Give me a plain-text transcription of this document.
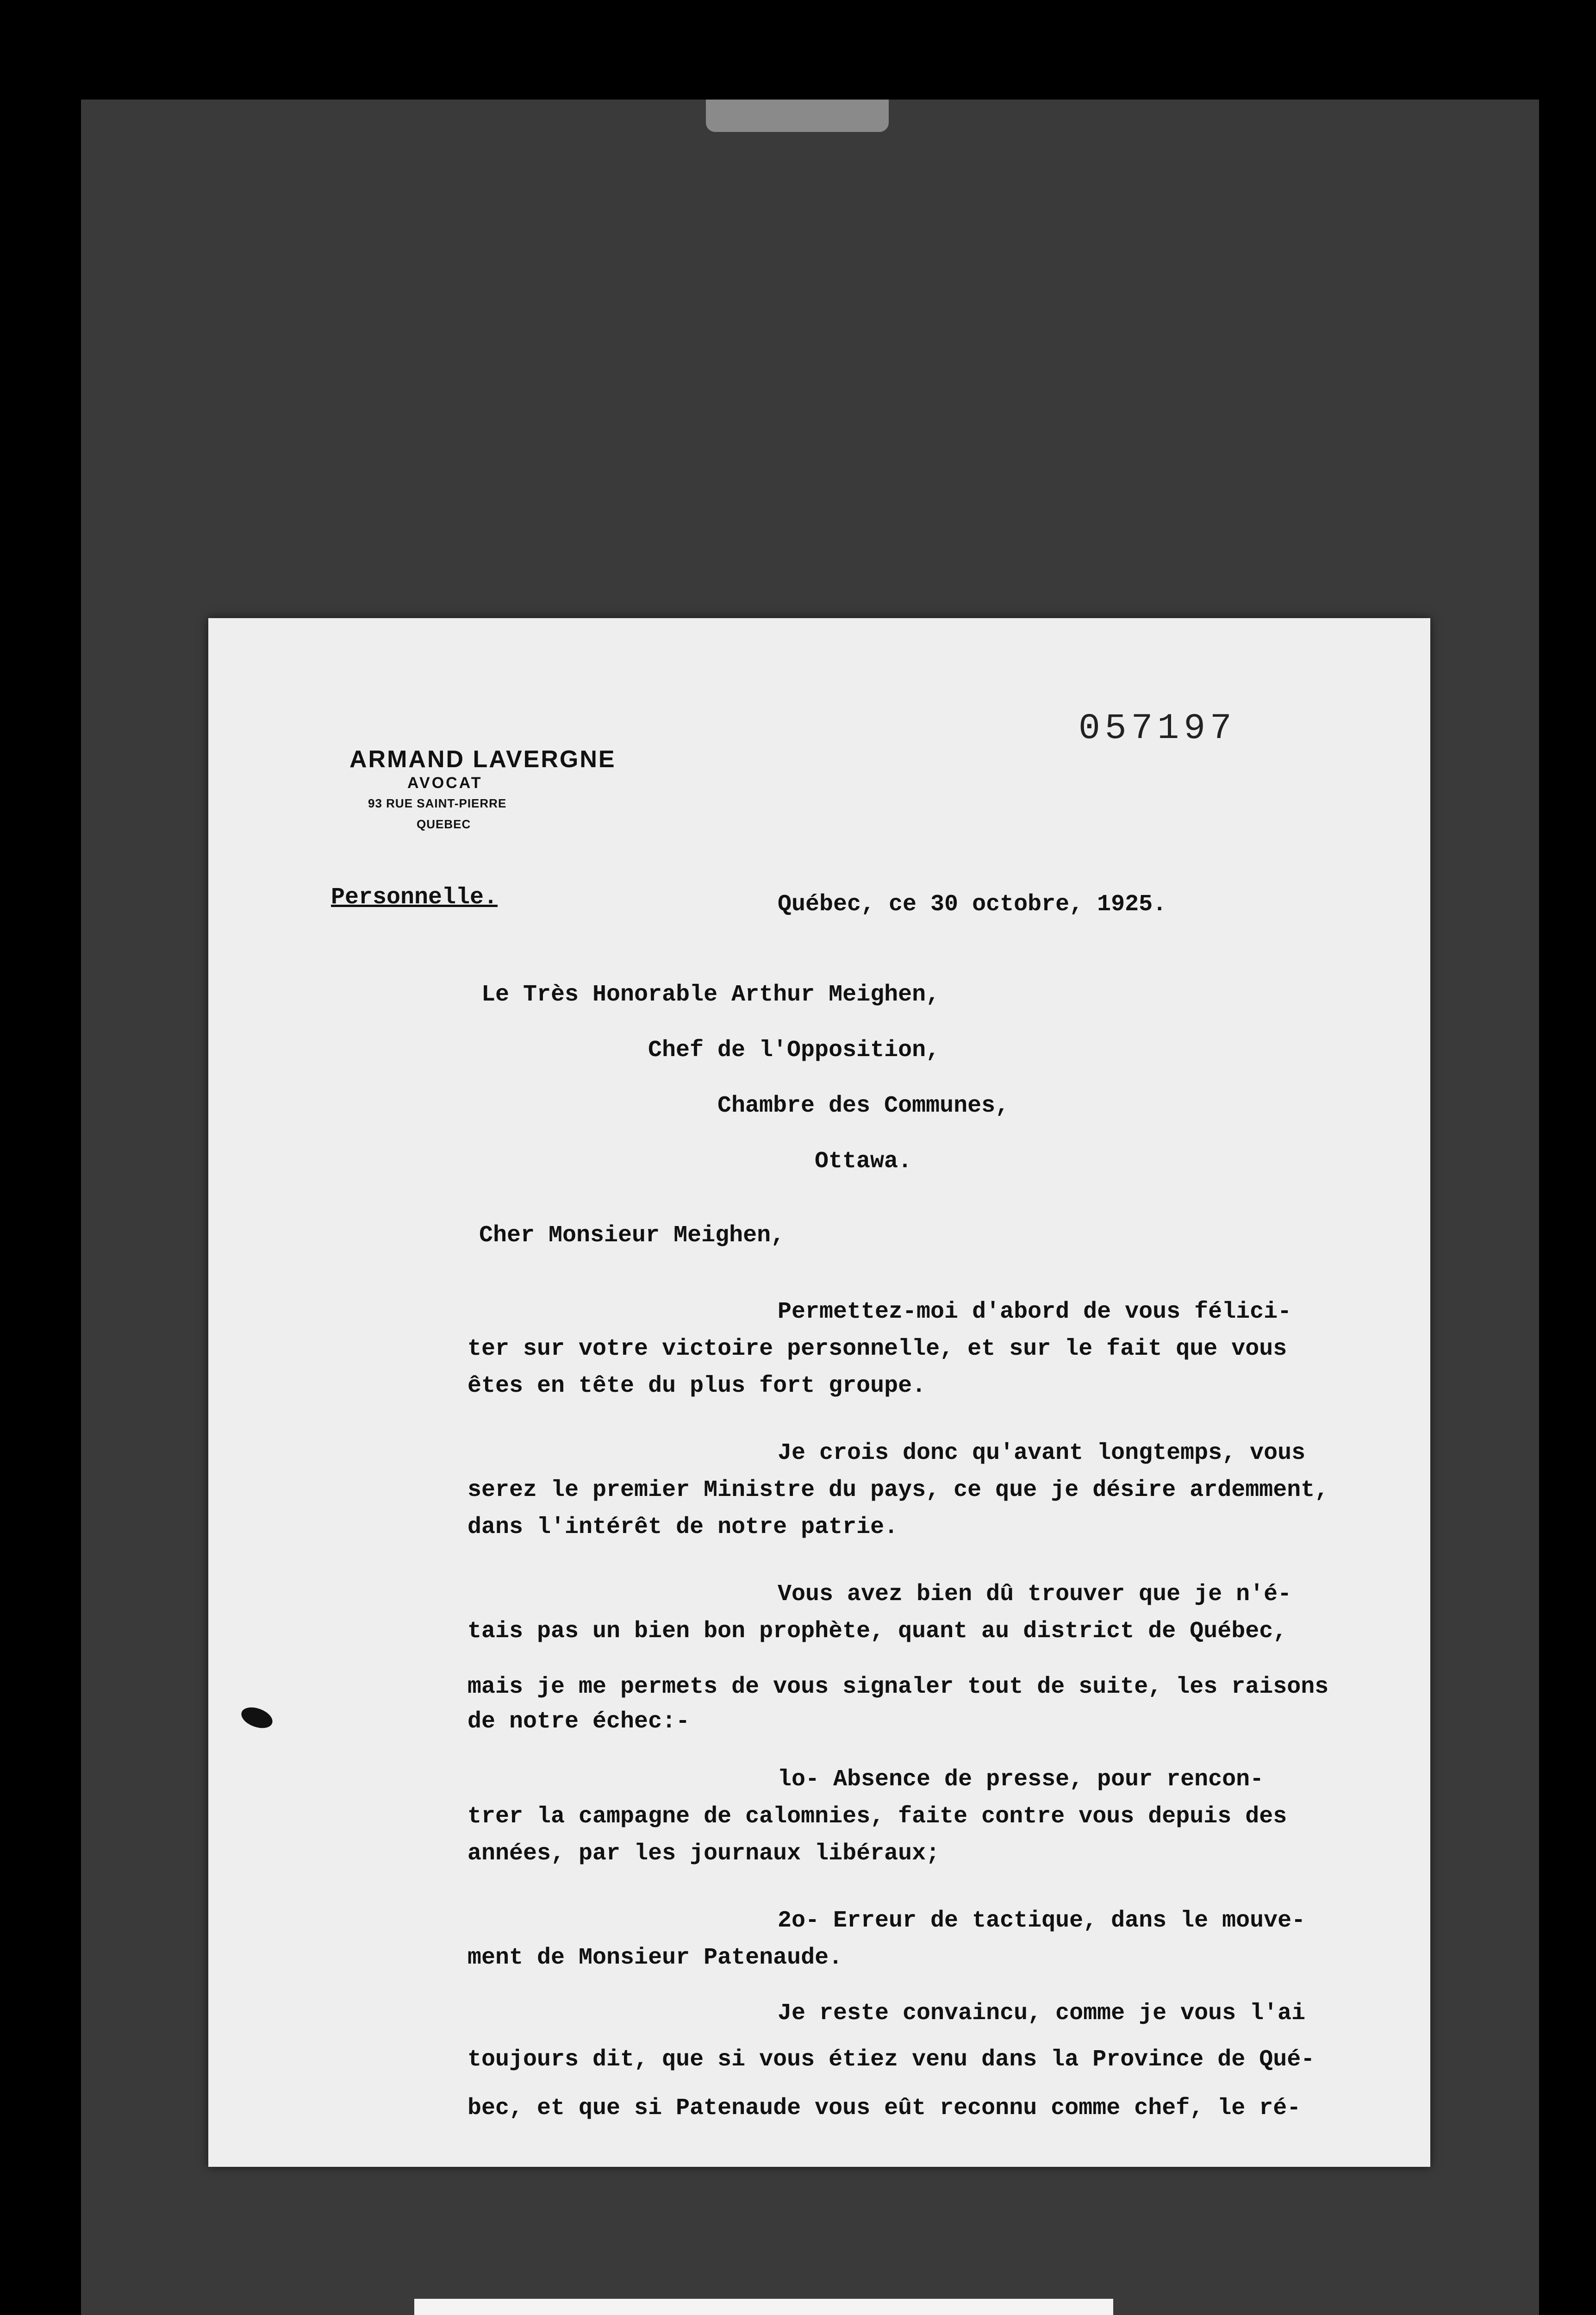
ARMAND LAVERGNE

AVOCAT

93 RUE SAINT-PIERRE

QUEBEC

057197

Personnelle.	Québec, ce 30 octobre, 1925.

Le Très Honorable Arthur Meighen,

Chef de l'Opposition,

Chambre des Communes,

Ottawa.

Cher Monsieur Meighen,

Permettez-moi d'abord de vous félici-

ter sur votre victoire personnelle, et sur le fait que vous

êtes en tête du plus fort groupe.

Je crois donc qu'avant longtemps, vous

serez le premier Ministre du pays, ce que je désire ardemment,

dans l'intérêt de notre patrie.

Vous avez bien dû trouver que je n'é-

tais pas un bien bon prophète, quant au district de Québec,

mais je me permets de vous signaler tout de suite, les raisons

de notre échec:-

lo- Absence de presse, pour rencon-

trer la campagne de calomnies, faite contre vous depuis des

années, par les journaux libéraux;

2o- Erreur de tactique, dans le mouve-

ment de Monsieur Patenaude.

Je reste convaincu, comme je vous l'ai

toujours dit, que si vous étiez venu dans la Province de Qué-

bec, et que si Patenaude vous eût reconnu comme chef, le ré-
